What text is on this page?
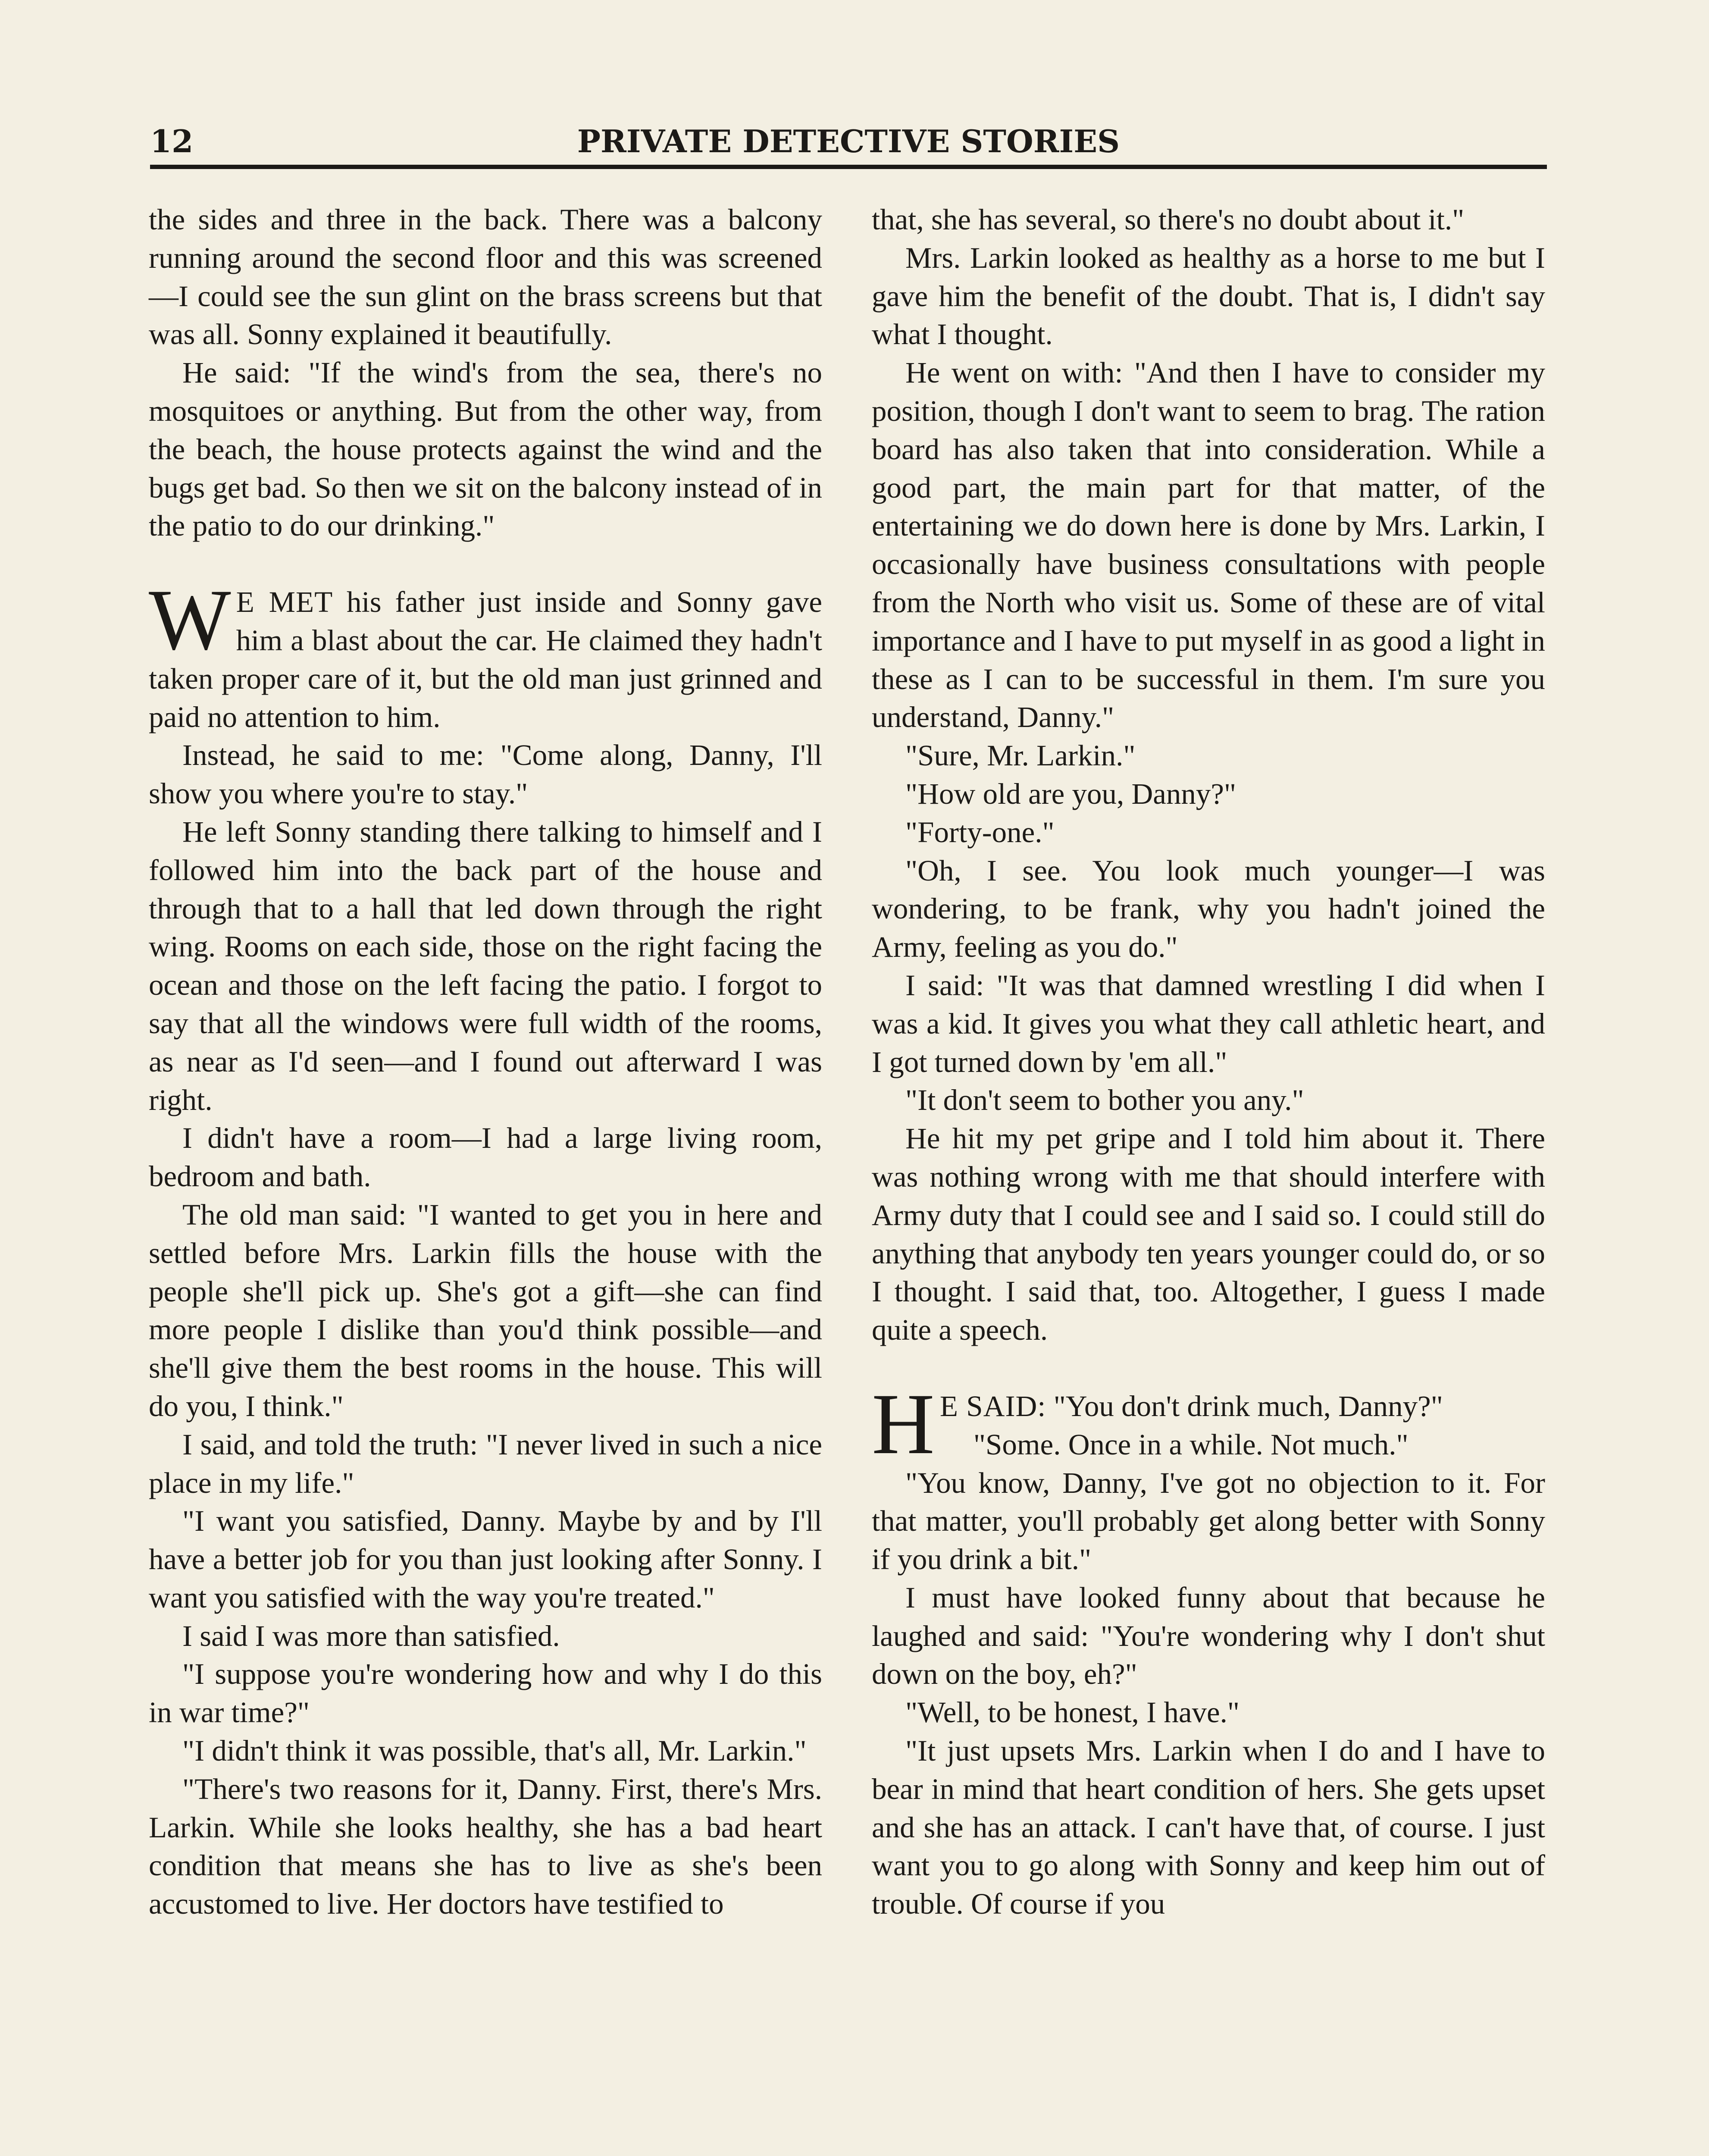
12	PRIVATE DETECTIVE STORIES

the sides and three in the back. There was a balcony running around the second floor and this was screened—I could see the sun glint on the brass screens but that was all. Sonny explained it beautifully.

He said: "If the wind's from the sea, there's no mosquitoes or anything. But from the other way, from the beach, the house protects against the wind and the bugs get bad. So then we sit on the balcony instead of in the patio to do our drinking."

W E MET his father just inside and Sonny gave him a blast about the car. He claimed they hadn't taken proper care of it, but the old man just grinned and paid no attention to him.

Instead, he said to me: "Come along, Danny, I'll show you where you're to stay."

He left Sonny standing there talking to himself and I followed him into the back part of the house and through that to a hall that led down through the right wing. Rooms on each side, those on the right facing the ocean and those on the left facing the patio. I forgot to say that all the windows were full width of the rooms, as near as I'd seen—and I found out afterward I was right.

I didn't have a room—I had a large living room, bedroom and bath.

The old man said: "I wanted to get you in here and settled before Mrs. Larkin fills the house with the people she'll pick up. She's got a gift—she can find more people I dislike than you'd think possible—and she'll give them the best rooms in the house. This will do you, I think."

I said, and told the truth: "I never lived in such a nice place in my life."

"I want you satisfied, Danny. Maybe by and by I'll have a better job for you than just looking after Sonny. I want you satisfied with the way you're treated."

I said I was more than satisfied.

"I suppose you're wondering how and why I do this in war time?"

"I didn't think it was possible, that's all, Mr. Larkin."

"There's two reasons for it, Danny. First, there's Mrs. Larkin. While she looks healthy, she has a bad heart condition that means she has to live as she's been accustomed to live. Her doctors have testified to

that, she has several, so there's no doubt about it."

Mrs. Larkin looked as healthy as a horse to me but I gave him the benefit of the doubt. That is, I didn't say what I thought.

He went on with: "And then I have to consider my position, though I don't want to seem to brag. The ration board has also taken that into consideration. While a good part, the main part for that matter, of the entertaining we do down here is done by Mrs. Larkin, I occasionally have business consultations with people from the North who visit us. Some of these are of vital importance and I have to put myself in as good a light in these as I can to be successful in them. I'm sure you understand, Danny."

"Sure, Mr. Larkin."

"How old are you, Danny?"

"Forty-one."

"Oh, I see. You look much younger—I was wondering, to be frank, why you hadn't joined the Army, feeling as you do."

I said: "It was that damned wrestling I did when I was a kid. It gives you what they call athletic heart, and I got turned down by 'em all."

"It don't seem to bother you any."

He hit my pet gripe and I told him about it. There was nothing wrong with me that should interfere with Army duty that I could see and I said so. I could still do anything that anybody ten years younger could do, or so I thought. I said that, too. Altogether, I guess I made quite a speech.

H E SAID: "You don't drink much, Danny?"

"Some. Once in a while. Not much."

"You know, Danny, I've got no objection to it. For that matter, you'll probably get along better with Sonny if you drink a bit."

I must have looked funny about that because he laughed and said: "You're wondering why I don't shut down on the boy, eh?"

"Well, to be honest, I have."

"It just upsets Mrs. Larkin when I do and I have to bear in mind that heart condition of hers. She gets upset and she has an attack. I can't have that, of course. I just want you to go along with Sonny and keep him out of trouble. Of course if you
